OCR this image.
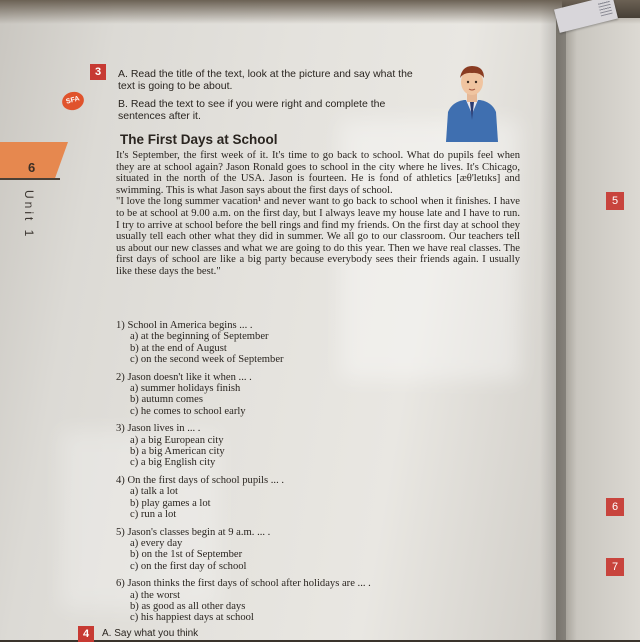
6
Unit 1
3
SFA
A. Read the title of the text, look at the picture and say what the text is going to be about.
B. Read the text to see if you were right and complete the sentences after it.
The First Days at School

It's September, the first week of it. It's time to go back to school. What do pupils feel when they are at school again? Jason Ronald goes to school in the city where he lives. It's Chicago, situated in the north of the USA. Jason is fourteen. He is fond of athletics [æθ'letɪks] and swimming. This is what Jason says about the first days of school.

"I love the long summer vacation¹ and never want to go back to school when it finishes. I have to be at school at 9.00 a.m. on the first day, but I always leave my house late and I have to run. I try to arrive at school before the bell rings and find my friends. On the first day at school they usually tell each other what they did in summer. We all go to our classroom. Our teachers tell us about our new classes and what we are going to do this year. Then we have real classes. The first days of school are like a big party because everybody sees their friends again. I usually like these days the best."

1) School in America begins ... .

a) at the beginning of September

b) at the end of August

c) on the second week of September

2) Jason doesn't like it when ... .

a) summer holidays finish

b) autumn comes

c) he comes to school early

3) Jason lives in ... .

a) a big European city

b) a big American city

c) a big English city

4) On the first days of school pupils ... .

a) talk a lot

b) play games a lot

c) run a lot

5) Jason's classes begin at 9 a.m. ... .

a) every day

b) on the 1st of September

c) on the first day of school

6) Jason thinks the first days of school after holidays are ... .

a) the worst

b) as good as all other days

c) his happiest days at school

4	A. Say what you think
5
6
7
